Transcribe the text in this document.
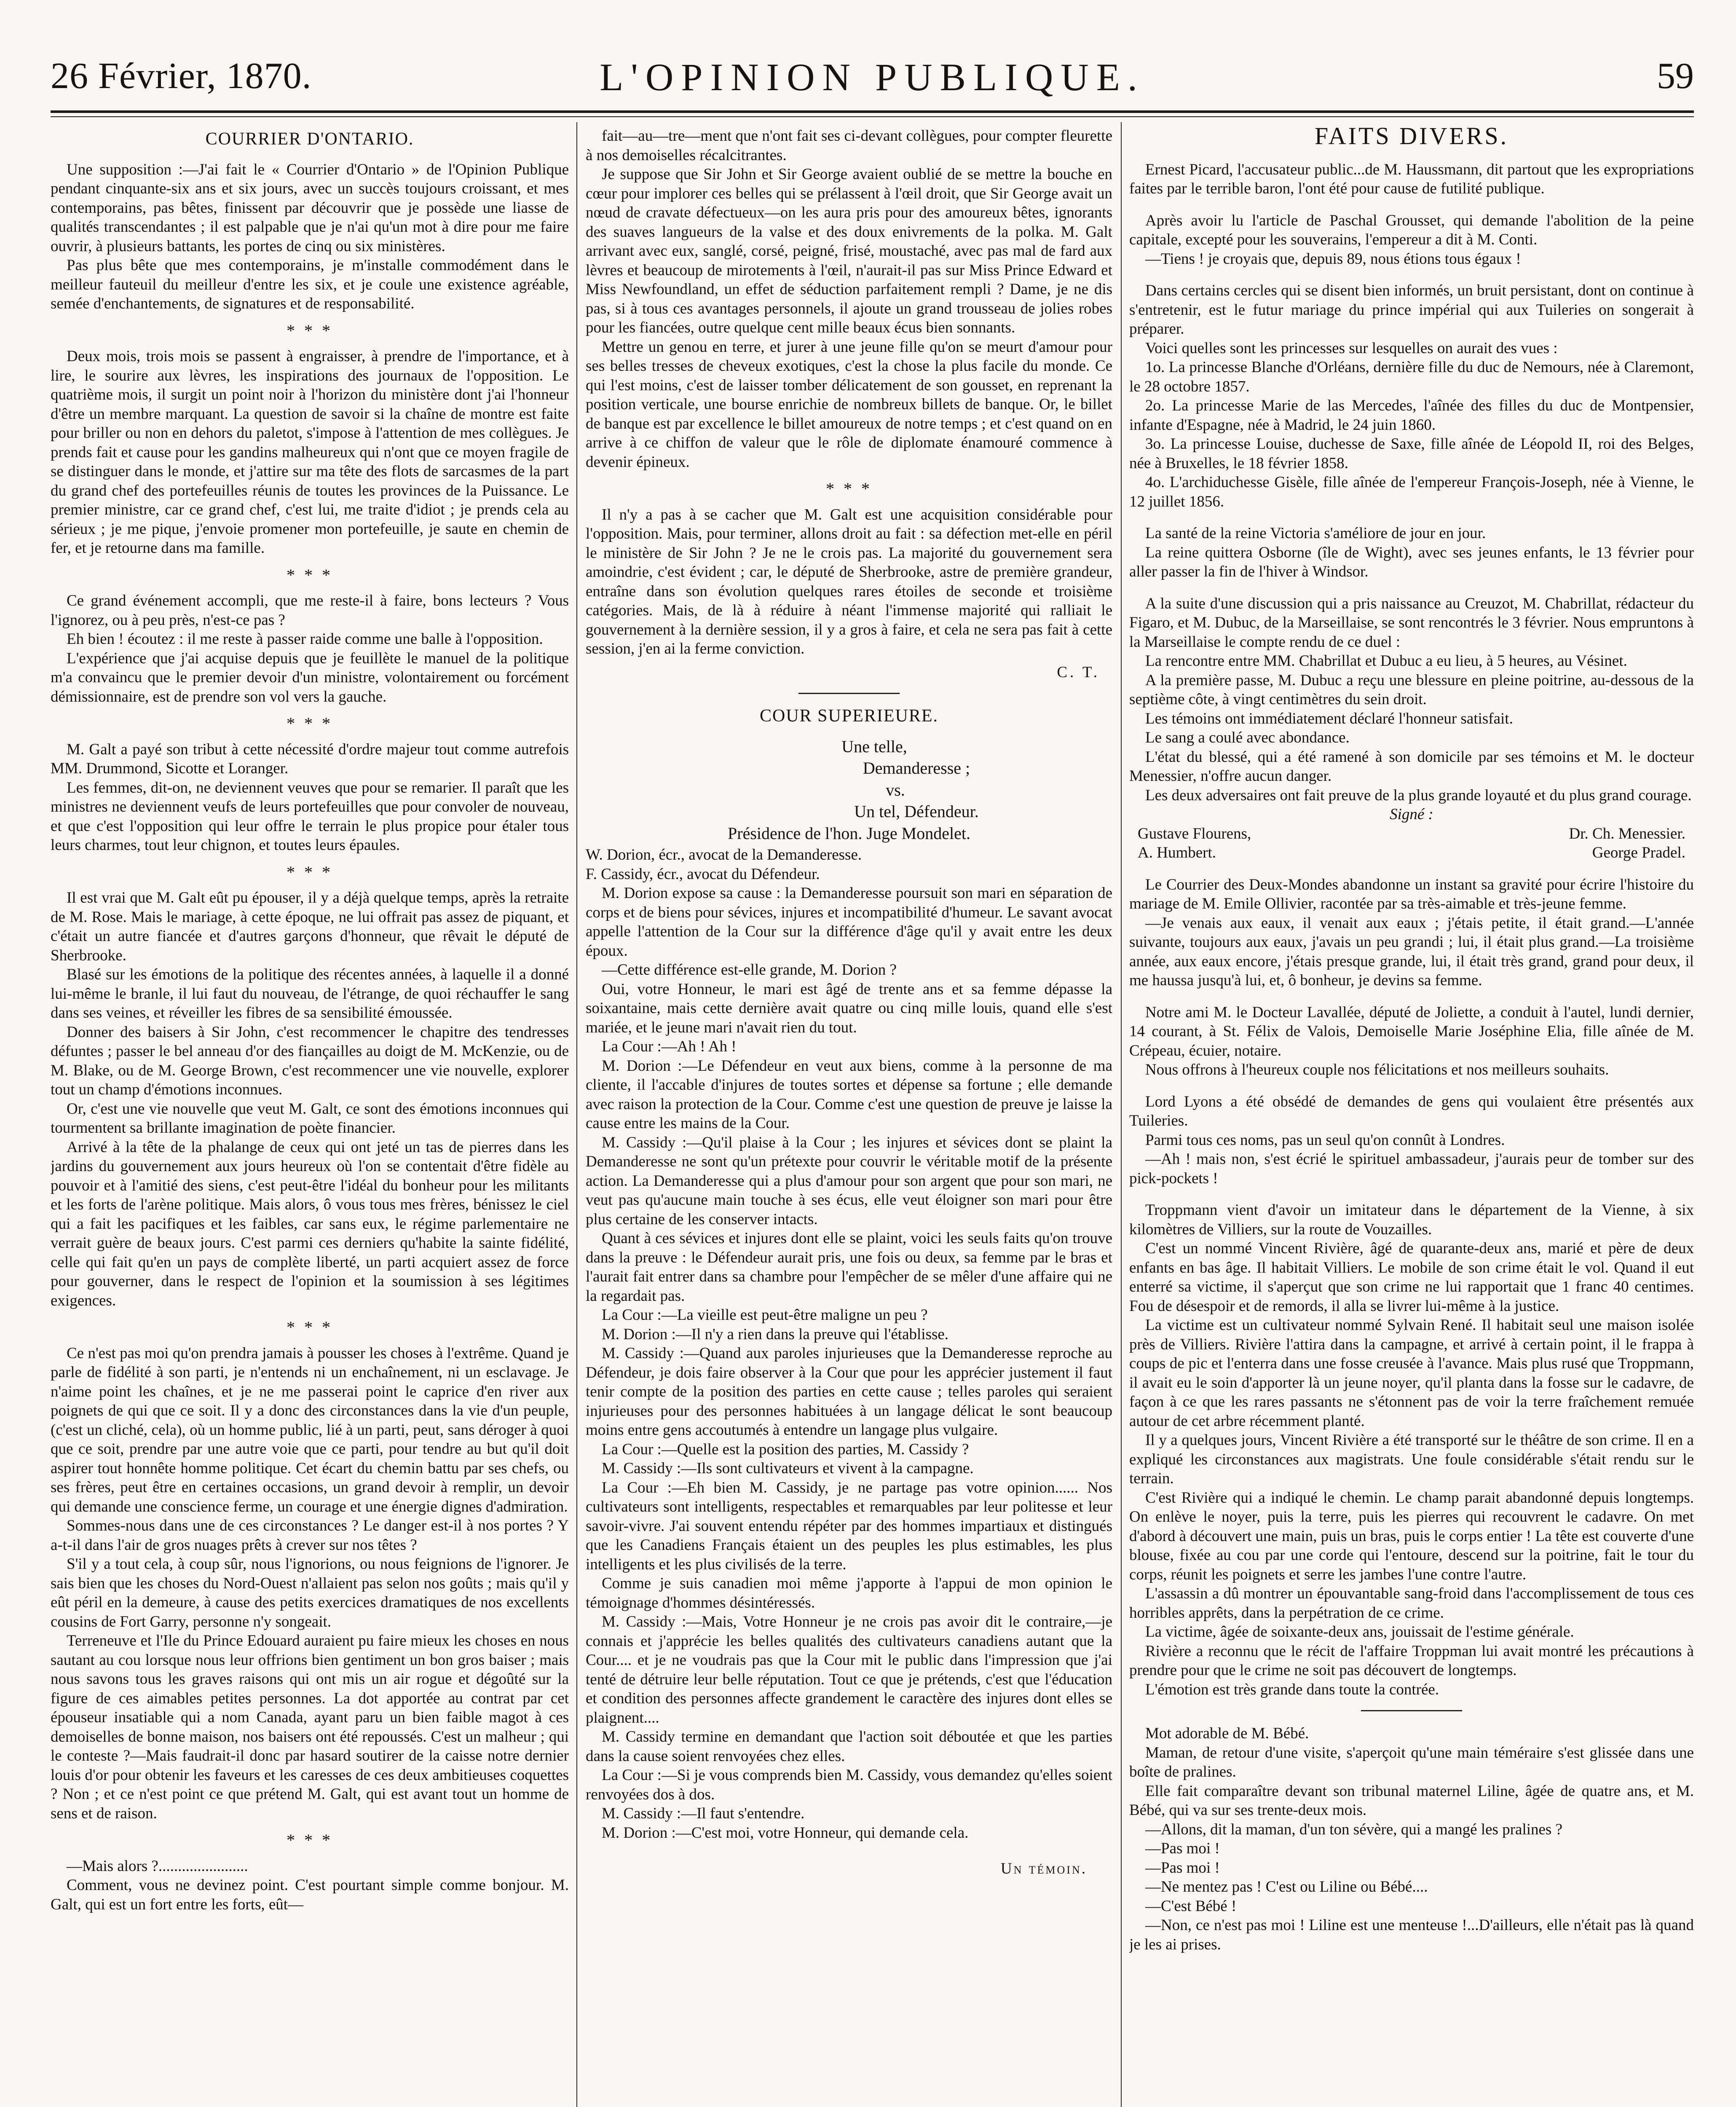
26 Février, 1870.	L'OPINION PUBLIQUE.	59
COURRIER D'ONTARIO.

Une supposition :—J'ai fait le « Courrier d'Ontario » de l'Opinion Publique pendant cinquante-six ans et six jours, avec un succès toujours croissant, et mes contemporains, pas bêtes, finissent par découvrir que je possède une liasse de qualités transcendantes ; il est palpable que je n'ai qu'un mot à dire pour me faire ouvrir, à plusieurs battants, les portes de cinq ou six ministères.

Pas plus bête que mes contemporains, je m'installe commodément dans le meilleur fauteuil du meilleur d'entre les six, et je coule une existence agréable, semée d'enchantements, de signatures et de responsabilité.

* * *

Deux mois, trois mois se passent à engraisser, à prendre de l'importance, et à lire, le sourire aux lèvres, les inspirations des journaux de l'opposition. Le quatrième mois, il surgit un point noir à l'horizon du ministère dont j'ai l'honneur d'être un membre marquant. La question de savoir si la chaîne de montre est faite pour briller ou non en dehors du paletot, s'impose à l'attention de mes collègues. Je prends fait et cause pour les gandins malheureux qui n'ont que ce moyen fragile de se distinguer dans le monde, et j'attire sur ma tête des flots de sarcasmes de la part du grand chef des portefeuilles réunis de toutes les provinces de la Puissance. Le premier ministre, car ce grand chef, c'est lui, me traite d'idiot ; je prends cela au sérieux ; je me pique, j'envoie promener mon portefeuille, je saute en chemin de fer, et je retourne dans ma famille.

* * *

Ce grand événement accompli, que me reste-il à faire, bons lecteurs ? Vous l'ignorez, ou à peu près, n'est-ce pas ?

Eh bien ! écoutez : il me reste à passer raide comme une balle à l'opposition.

L'expérience que j'ai acquise depuis que je feuillète le manuel de la politique m'a convaincu que le premier devoir d'un ministre, volontairement ou forcément démissionnaire, est de prendre son vol vers la gauche.

* * *

M. Galt a payé son tribut à cette nécessité d'ordre majeur tout comme autrefois MM. Drummond, Sicotte et Loranger.

Les femmes, dit-on, ne deviennent veuves que pour se remarier. Il paraît que les ministres ne deviennent veufs de leurs portefeuilles que pour convoler de nouveau, et que c'est l'opposition qui leur offre le terrain le plus propice pour étaler tous leurs charmes, tout leur chignon, et toutes leurs épaules.

* * *

Il est vrai que M. Galt eût pu épouser, il y a déjà quelque temps, après la retraite de M. Rose. Mais le mariage, à cette époque, ne lui offrait pas assez de piquant, et c'était un autre fiancée et d'autres garçons d'honneur, que rêvait le député de Sherbrooke.

Blasé sur les émotions de la politique des récentes années, à laquelle il a donné lui-même le branle, il lui faut du nouveau, de l'étrange, de quoi réchauffer le sang dans ses veines, et réveiller les fibres de sa sensibilité émoussée.

Donner des baisers à Sir John, c'est recommencer le chapitre des tendresses défuntes ; passer le bel anneau d'or des fiançailles au doigt de M. McKenzie, ou de M. Blake, ou de M. George Brown, c'est recommencer une vie nouvelle, explorer tout un champ d'émotions inconnues.

Or, c'est une vie nouvelle que veut M. Galt, ce sont des émotions inconnues qui tourmentent sa brillante imagination de poète financier.

Arrivé à la tête de la phalange de ceux qui ont jeté un tas de pierres dans les jardins du gouvernement aux jours heureux où l'on se contentait d'être fidèle au pouvoir et à l'amitié des siens, c'est peut-être l'idéal du bonheur pour les militants et les forts de l'arène politique. Mais alors, ô vous tous mes frères, bénissez le ciel qui a fait les pacifiques et les faibles, car sans eux, le régime parlementaire ne verrait guère de beaux jours. C'est parmi ces derniers qu'habite la sainte fidélité, celle qui fait qu'en un pays de complète liberté, un parti acquiert assez de force pour gouverner, dans le respect de l'opinion et la soumission à ses légitimes exigences.

* * *

Ce n'est pas moi qu'on prendra jamais à pousser les choses à l'extrême. Quand je parle de fidélité à son parti, je n'entends ni un enchaînement, ni un esclavage. Je n'aime point les chaînes, et je ne me passerai point le caprice d'en river aux poignets de qui que ce soit. Il y a donc des circonstances dans la vie d'un peuple, (c'est un cliché, cela), où un homme public, lié à un parti, peut, sans déroger à quoi que ce soit, prendre par une autre voie que ce parti, pour tendre au but qu'il doit aspirer tout honnête homme politique. Cet écart du chemin battu par ses chefs, ou ses frères, peut être en certaines occasions, un grand devoir à remplir, un devoir qui demande une conscience ferme, un courage et une énergie dignes d'admiration.

Sommes-nous dans une de ces circonstances ? Le danger est-il à nos portes ? Y a-t-il dans l'air de gros nuages prêts à crever sur nos têtes ?

S'il y a tout cela, à coup sûr, nous l'ignorions, ou nous feignions de l'ignorer. Je sais bien que les choses du Nord-Ouest n'allaient pas selon nos goûts ; mais qu'il y eût péril en la demeure, à cause des petits exercices dramatiques de nos excellents cousins de Fort Garry, personne n'y songeait.

Terreneuve et l'Ile du Prince Edouard auraient pu faire mieux les choses en nous sautant au cou lorsque nous leur offrions bien gentiment un bon gros baiser ; mais nous savons tous les graves raisons qui ont mis un air rogue et dégoûté sur la figure de ces aimables petites personnes. La dot apportée au contrat par cet épouseur insatiable qui a nom Canada, ayant paru un bien faible magot à ces demoiselles de bonne maison, nos baisers ont été repoussés. C'est un malheur ; qui le conteste ?—Mais faudrait-il donc par hasard soutirer de la caisse notre dernier louis d'or pour obtenir les faveurs et les caresses de ces deux ambitieuses coquettes ? Non ; et ce n'est point ce que prétend M. Galt, qui est avant tout un homme de sens et de raison.

* * *

—Mais alors ?.......................

Comment, vous ne devinez point. C'est pourtant simple comme bonjour. M. Galt, qui est un fort entre les forts, eût—

fait—au—tre—ment que n'ont fait ses ci-devant collègues, pour compter fleurette à nos demoiselles récalcitrantes.

Je suppose que Sir John et Sir George avaient oublié de se mettre la bouche en cœur pour implorer ces belles qui se prélassent à l'œil droit, que Sir George avait un nœud de cravate défectueux—on les aura pris pour des amoureux bêtes, ignorants des suaves langueurs de la valse et des doux enivrements de la polka. M. Galt arrivant avec eux, sanglé, corsé, peigné, frisé, moustaché, avec pas mal de fard aux lèvres et beaucoup de mirotements à l'œil, n'aurait-il pas sur Miss Prince Edward et Miss Newfoundland, un effet de séduction parfaitement rempli ? Dame, je ne dis pas, si à tous ces avantages personnels, il ajoute un grand trousseau de jolies robes pour les fiancées, outre quelque cent mille beaux écus bien sonnants.

Mettre un genou en terre, et jurer à une jeune fille qu'on se meurt d'amour pour ses belles tresses de cheveux exotiques, c'est la chose la plus facile du monde. Ce qui l'est moins, c'est de laisser tomber délicatement de son gousset, en reprenant la position verticale, une bourse enrichie de nombreux billets de banque. Or, le billet de banque est par excellence le billet amoureux de notre temps ; et c'est quand on en arrive à ce chiffon de valeur que le rôle de diplomate énamouré commence à devenir épineux.

* * *

Il n'y a pas à se cacher que M. Galt est une acquisition considérable pour l'opposition. Mais, pour terminer, allons droit au fait : sa défection met-elle en péril le ministère de Sir John ? Je ne le crois pas. La majorité du gouvernement sera amoindrie, c'est évident ; car, le député de Sherbrooke, astre de première grandeur, entraîne dans son évolution quelques rares étoiles de seconde et troisième catégories. Mais, de là à réduire à néant l'immense majorité qui ralliait le gouvernement à la dernière session, il y a gros à faire, et cela ne sera pas fait à cette session, j'en ai la ferme conviction.

C. T.
COUR SUPERIEURE.
Une telle,
Demanderesse ;
vs.
Un tel, Défendeur.
Présidence de l'hon. Juge Mondelet.

W. Dorion, écr., avocat de la Demanderesse.

F. Cassidy, écr., avocat du Défendeur.

M. Dorion expose sa cause : la Demanderesse poursuit son mari en séparation de corps et de biens pour sévices, injures et incompatibilité d'humeur. Le savant avocat appelle l'attention de la Cour sur la différence d'âge qu'il y avait entre les deux époux.

—Cette différence est-elle grande, M. Dorion ?

Oui, votre Honneur, le mari est âgé de trente ans et sa femme dépasse la soixantaine, mais cette dernière avait quatre ou cinq mille louis, quand elle s'est mariée, et le jeune mari n'avait rien du tout.

La Cour :—Ah ! Ah !

M. Dorion :—Le Défendeur en veut aux biens, comme à la personne de ma cliente, il l'accable d'injures de toutes sortes et dépense sa fortune ; elle demande avec raison la protection de la Cour. Comme c'est une question de preuve je laisse la cause entre les mains de la Cour.

M. Cassidy :—Qu'il plaise à la Cour ; les injures et sévices dont se plaint la Demanderesse ne sont qu'un prétexte pour couvrir le véritable motif de la présente action. La Demanderesse qui a plus d'amour pour son argent que pour son mari, ne veut pas qu'aucune main touche à ses écus, elle veut éloigner son mari pour être plus certaine de les conserver intacts.

Quant à ces sévices et injures dont elle se plaint, voici les seuls faits qu'on trouve dans la preuve : le Défendeur aurait pris, une fois ou deux, sa femme par le bras et l'aurait fait entrer dans sa chambre pour l'empêcher de se mêler d'une affaire qui ne la regardait pas.

La Cour :—La vieille est peut-être maligne un peu ?

M. Dorion :—Il n'y a rien dans la preuve qui l'établisse.

M. Cassidy :—Quand aux paroles injurieuses que la Demanderesse reproche au Défendeur, je dois faire observer à la Cour que pour les apprécier justement il faut tenir compte de la position des parties en cette cause ; telles paroles qui seraient injurieuses pour des personnes habituées à un langage délicat le sont beaucoup moins entre gens accoutumés à entendre un langage plus vulgaire.

La Cour :—Quelle est la position des parties, M. Cassidy ?

M. Cassidy :—Ils sont cultivateurs et vivent à la campagne.

La Cour :—Eh bien M. Cassidy, je ne partage pas votre opinion...... Nos cultivateurs sont intelligents, respectables et remarquables par leur politesse et leur savoir-vivre. J'ai souvent entendu répéter par des hommes impartiaux et distingués que les Canadiens Français étaient un des peuples les plus estimables, les plus intelligents et les plus civilisés de la terre.

Comme je suis canadien moi même j'apporte à l'appui de mon opinion le témoignage d'hommes désintéressés.

M. Cassidy :—Mais, Votre Honneur je ne crois pas avoir dit le contraire,—je connais et j'apprécie les belles qualités des cultivateurs canadiens autant que la Cour.... et je ne voudrais pas que la Cour mit le public dans l'impression que j'ai tenté de détruire leur belle réputation. Tout ce que je prétends, c'est que l'éducation et condition des personnes affecte grandement le caractère des injures dont elles se plaignent....

M. Cassidy termine en demandant que l'action soit déboutée et que les parties dans la cause soient renvoyées chez elles.

La Cour :—Si je vous comprends bien M. Cassidy, vous demandez qu'elles soient renvoyées dos à dos.

M. Cassidy :—Il faut s'entendre.

M. Dorion :—C'est moi, votre Honneur, qui demande cela.

Un témoin.
FAITS DIVERS.

Ernest Picard, l'accusateur public...de M. Haussmann, dit partout que les expropriations faites par le terrible baron, l'ont été pour cause de futilité publique.

Après avoir lu l'article de Paschal Grousset, qui demande l'abolition de la peine capitale, excepté pour les souverains, l'empereur a dit à M. Conti.

—Tiens ! je croyais que, depuis 89, nous étions tous égaux !

Dans certains cercles qui se disent bien informés, un bruit persistant, dont on continue à s'entretenir, est le futur mariage du prince impérial qui aux Tuileries on songerait à préparer.

Voici quelles sont les princesses sur lesquelles on aurait des vues :

1o. La princesse Blanche d'Orléans, dernière fille du duc de Nemours, née à Claremont, le 28 octobre 1857.

2o. La princesse Marie de las Mercedes, l'aînée des filles du duc de Montpensier, infante d'Espagne, née à Madrid, le 24 juin 1860.

3o. La princesse Louise, duchesse de Saxe, fille aînée de Léopold II, roi des Belges, née à Bruxelles, le 18 février 1858.

4o. L'archiduchesse Gisèle, fille aînée de l'empereur François-Joseph, née à Vienne, le 12 juillet 1856.

La santé de la reine Victoria s'améliore de jour en jour.

La reine quittera Osborne (île de Wight), avec ses jeunes enfants, le 13 février pour aller passer la fin de l'hiver à Windsor.

A la suite d'une discussion qui a pris naissance au Creuzot, M. Chabrillat, rédacteur du Figaro, et M. Dubuc, de la Marseillaise, se sont rencontrés le 3 février. Nous empruntons à la Marseillaise le compte rendu de ce duel :

La rencontre entre MM. Chabrillat et Dubuc a eu lieu, à 5 heures, au Vésinet.

A la première passe, M. Dubuc a reçu une blessure en pleine poitrine, au-dessous de la septième côte, à vingt centimètres du sein droit.

Les témoins ont immédiatement déclaré l'honneur satisfait.

Le sang a coulé avec abondance.

L'état du blessé, qui a été ramené à son domicile par ses témoins et M. le docteur Menessier, n'offre aucun danger.

Les deux adversaires ont fait preuve de la plus grande loyauté et du plus grand courage.

Signé :
Gustave Flourens,	Dr. Ch. Menessier.
A. Humbert.	George Pradel.

Le Courrier des Deux-Mondes abandonne un instant sa gravité pour écrire l'histoire du mariage de M. Emile Ollivier, racontée par sa très-aimable et très-jeune femme.

—Je venais aux eaux, il venait aux eaux ; j'étais petite, il était grand.—L'année suivante, toujours aux eaux, j'avais un peu grandi ; lui, il était plus grand.—La troisième année, aux eaux encore, j'étais presque grande, lui, il était très grand, grand pour deux, il me haussa jusqu'à lui, et, ô bonheur, je devins sa femme.

Notre ami M. le Docteur Lavallée, député de Joliette, a conduit à l'autel, lundi dernier, 14 courant, à St. Félix de Valois, Demoiselle Marie Joséphine Elia, fille aînée de M. Crépeau, écuier, notaire.

Nous offrons à l'heureux couple nos félicitations et nos meilleurs souhaits.

Lord Lyons a été obsédé de demandes de gens qui voulaient être présentés aux Tuileries.

Parmi tous ces noms, pas un seul qu'on connût à Londres.

—Ah ! mais non, s'est écrié le spirituel ambassadeur, j'aurais peur de tomber sur des pick-pockets !

Troppmann vient d'avoir un imitateur dans le département de la Vienne, à six kilomètres de Villiers, sur la route de Vouzailles.

C'est un nommé Vincent Rivière, âgé de quarante-deux ans, marié et père de deux enfants en bas âge. Il habitait Villiers. Le mobile de son crime était le vol. Quand il eut enterré sa victime, il s'aperçut que son crime ne lui rapportait que 1 franc 40 centimes. Fou de désespoir et de remords, il alla se livrer lui-même à la justice.

La victime est un cultivateur nommé Sylvain René. Il habitait seul une maison isolée près de Villiers. Rivière l'attira dans la campagne, et arrivé à certain point, il le frappa à coups de pic et l'enterra dans une fosse creusée à l'avance. Mais plus rusé que Troppmann, il avait eu le soin d'apporter là un jeune noyer, qu'il planta dans la fosse sur le cadavre, de façon à ce que les rares passants ne s'étonnent pas de voir la terre fraîchement remuée autour de cet arbre récemment planté.

Il y a quelques jours, Vincent Rivière a été transporté sur le théâtre de son crime. Il en a expliqué les circonstances aux magistrats. Une foule considérable s'était rendu sur le terrain.

C'est Rivière qui a indiqué le chemin. Le champ parait abandonné depuis longtemps. On enlève le noyer, puis la terre, puis les pierres qui recouvrent le cadavre. On met d'abord à découvert une main, puis un bras, puis le corps entier ! La tête est couverte d'une blouse, fixée au cou par une corde qui l'entoure, descend sur la poitrine, fait le tour du corps, réunit les poignets et serre les jambes l'une contre l'autre.

L'assassin a dû montrer un épouvantable sang-froid dans l'accomplissement de tous ces horribles apprêts, dans la perpétration de ce crime.

La victime, âgée de soixante-deux ans, jouissait de l'estime générale.

Rivière a reconnu que le récit de l'affaire Troppman lui avait montré les précautions à prendre pour que le crime ne soit pas découvert de longtemps.

L'émotion est très grande dans toute la contrée.

Mot adorable de M. Bébé.

Maman, de retour d'une visite, s'aperçoit qu'une main téméraire s'est glissée dans une boîte de pralines.

Elle fait comparaître devant son tribunal maternel Liline, âgée de quatre ans, et M. Bébé, qui va sur ses trente-deux mois.

—Allons, dit la maman, d'un ton sévère, qui a mangé les pralines ?

—Pas moi !

—Pas moi !

—Ne mentez pas ! C'est ou Liline ou Bébé....

—C'est Bébé !

—Non, ce n'est pas moi ! Liline est une menteuse !...D'ailleurs, elle n'était pas là quand je les ai prises.
